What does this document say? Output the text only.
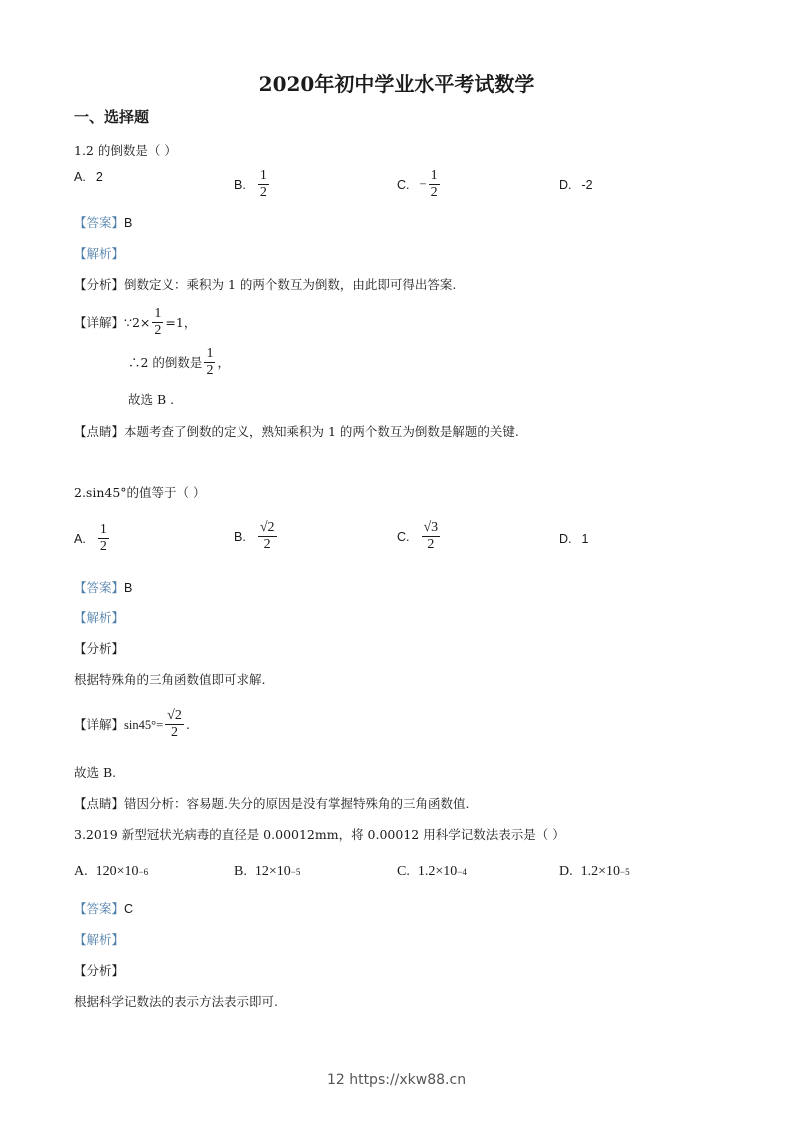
2020年初中学业水平考试数学
一、选择题
1.2 的倒数是（ ）
A. 2
B. $\frac{1}{2}$	C. − $\frac{1}{2}$	D. -2
【答案】B
【解析】
【分析】倒数定义：乘积为 1 的两个数互为倒数，由此即可得出答案.
【详解】 ∵2× $\frac{1}{2} =1$，
∴2 的倒数是 $\frac{1}{2}$ ，
故选 B .
【点睛】本题考查了倒数的定义，熟知乘积为 1 的两个数互为倒数是解题的关键.
2.sin45°的值等于（ ）
A. $\frac{1}{2}$	B. $\frac{√2}{2}$	C. $\frac{√3}{2}$	D. 1
【答案】B
【解析】
【分析】
根据特殊角的三角函数值即可求解.
【详解】 $\sin 45^\circ= \frac{√2}{2}$ .
故选 B.
【点睛】错因分析：容易题.失分的原因是没有掌握特殊角的三角函数值.
3.2019 新型冠状光病毒的直径是 0.00012mm，将 0.00012 用科学记数法表示是（ ）
A. 120×10 −6	B. 12×10 −5	C. 1.2×10 −4	D. 1.2×10 −5
【答案】C
【解析】
【分析】
根据科学记数法的表示方法表示即可.
12 https://xkw88.cn
